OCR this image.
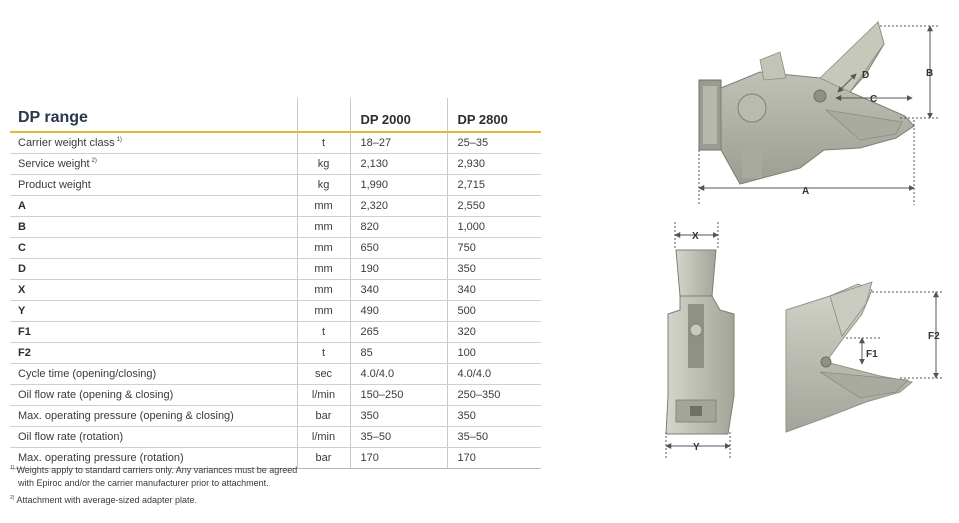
DP range		DP 2000	DP 2800
Carrier weight class $^{1)}$	t	18–27	25–35
Service weight $^{2)}$	kg	2,130	2,930
Product weight	kg	1,990	2,715
A	mm	2,320	2,550
B	mm	820	1,000
C	mm	650	750
D	mm	190	350
X	mm	340	340
Y	mm	490	500
F1	t	265	320
F2	t	85	100
Cycle time (opening/closing)	sec	4.0/4.0	4.0/4.0
Oil flow rate (opening & closing)	l/min	150–250	250–350
Max. operating pressure (opening & closing)	bar	350	350
Oil flow rate (rotation)	l/min	35–50	35–50
Max. operating pressure (rotation)	bar	170	170
$^{1)}$ Weights apply to standard carriers only. Any variances must be agreed
with Epiroc and/or the carrier manufacturer prior to attachment.
$^{2)}$ Attachment with average-sized adapter plate.
A
B
C
D
X
Y
F2
F1
